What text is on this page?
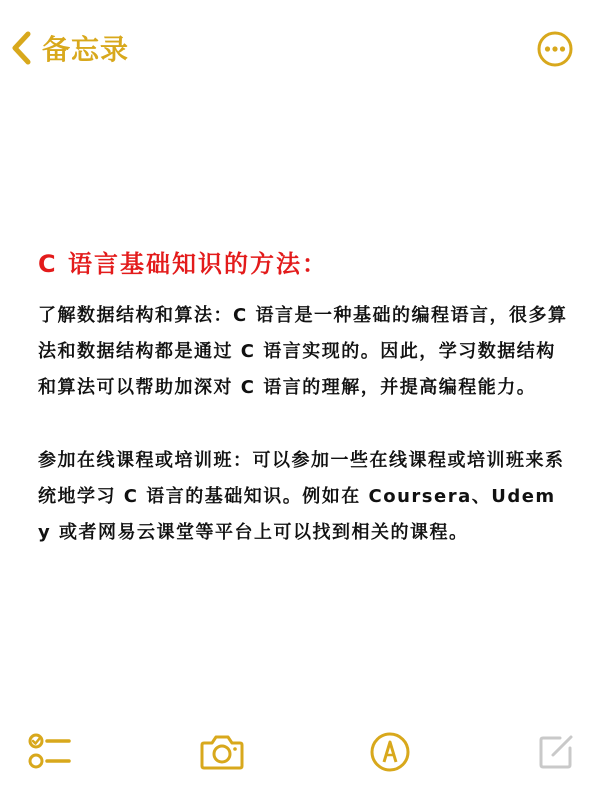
备忘录
C 语言基础知识的方法：

了解数据结构和算法：C 语言是一种基础的编程语言，很多算法和数据结构都是通过 C 语言实现的。因此，学习数据结构和算法可以帮助加深对 C 语言的理解，并提高编程能力。

参加在线课程或培训班：可以参加一些在线课程或培训班来系统地学习 C 语言的基础知识。例如在 Coursera、Udemy 或者网易云课堂等平台上可以找到相关的课程。
